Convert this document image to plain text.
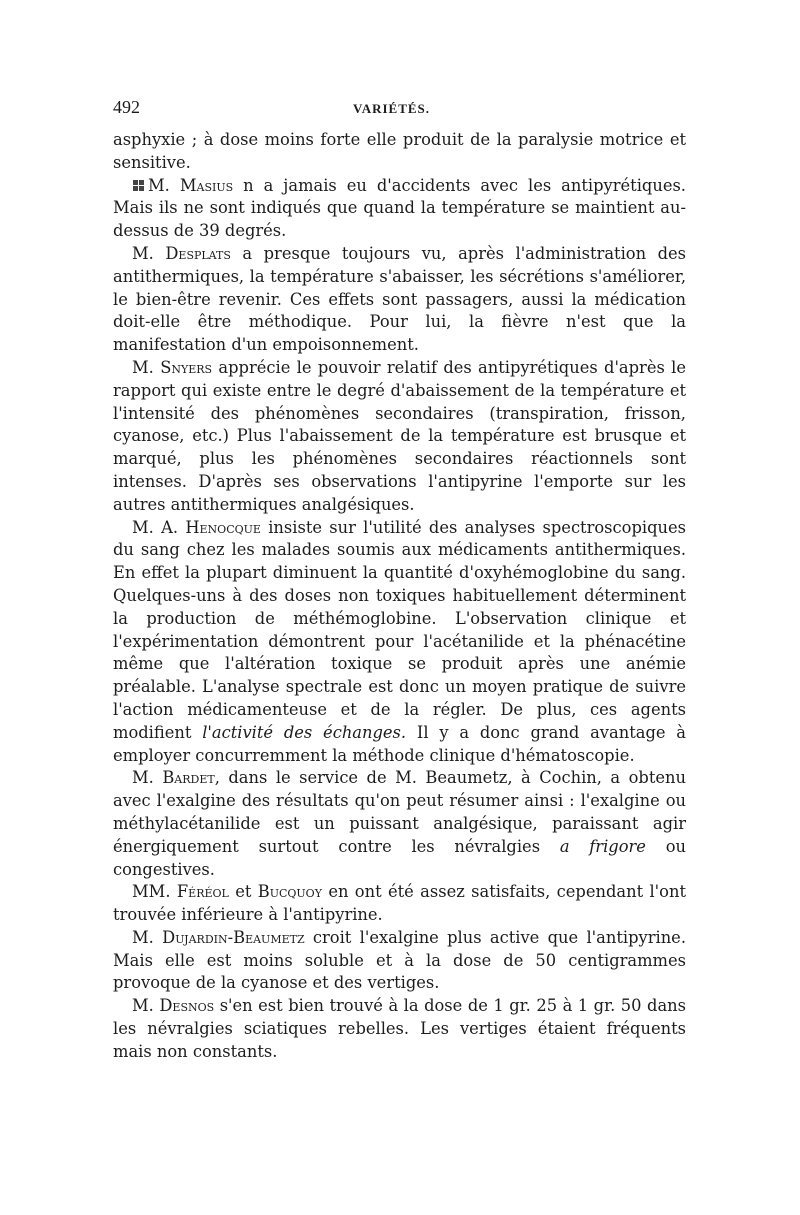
492	VARIÉTÉS.

asphyxie ; à dose moins forte elle produit de la paralysie motrice et sensitive.

M. Masius n a jamais eu d'accidents avec les antipyrétiques. Mais ils ne sont indiqués que quand la température se maintient au-dessus de 39 degrés.

M. Desplats a presque toujours vu, après l'administration des antithermiques, la température s'abaisser, les sécrétions s'améliorer, le bien-être revenir. Ces effets sont passagers, aussi la médication doit-elle être méthodique. Pour lui, la fièvre n'est que la manifestation d'un empoisonnement.

M. Snyers apprécie le pouvoir relatif des antipyrétiques d'après le rapport qui existe entre le degré d'abaissement de la température et l'intensité des phénomènes secondaires (transpiration, frisson, cyanose, etc.) Plus l'abaissement de la température est brusque et marqué, plus les phénomènes secondaires réactionnels sont intenses. D'après ses observations l'antipyrine l'emporte sur les autres antithermiques analgésiques.

M. A. Henocque insiste sur l'utilité des analyses spectroscopiques du sang chez les malades soumis aux médicaments antithermiques. En effet la plupart diminuent la quantité d'oxyhémoglobine du sang. Quelques-uns à des doses non toxiques habituellement déterminent la production de méthémoglobine. L'observation clinique et l'expérimentation démontrent pour l'acétanilide et la phénacétine même que l'altération toxique se produit après une anémie préalable. L'analyse spectrale est donc un moyen pratique de suivre l'action médicamenteuse et de la régler. De plus, ces agents modifient l'activité des échanges. Il y a donc grand avantage à employer concurremment la méthode clinique d'hématoscopie.

M. Bardet, dans le service de M. Beaumetz, à Cochin, a obtenu avec l'exalgine des résultats qu'on peut résumer ainsi : l'exalgine ou méthylacétanilide est un puissant analgésique, paraissant agir énergiquement surtout contre les névralgies a frigore ou congestives.

MM. Féréol et Bucquoy en ont été assez satisfaits, cependant l'ont trouvée inférieure à l'antipyrine.

M. Dujardin-Beaumetz croit l'exalgine plus active que l'antipyrine. Mais elle est moins soluble et à la dose de 50 centigrammes provoque de la cyanose et des vertiges.

M. Desnos s'en est bien trouvé à la dose de 1 gr. 25 à 1 gr. 50 dans les névralgies sciatiques rebelles. Les vertiges étaient fréquents mais non constants.
